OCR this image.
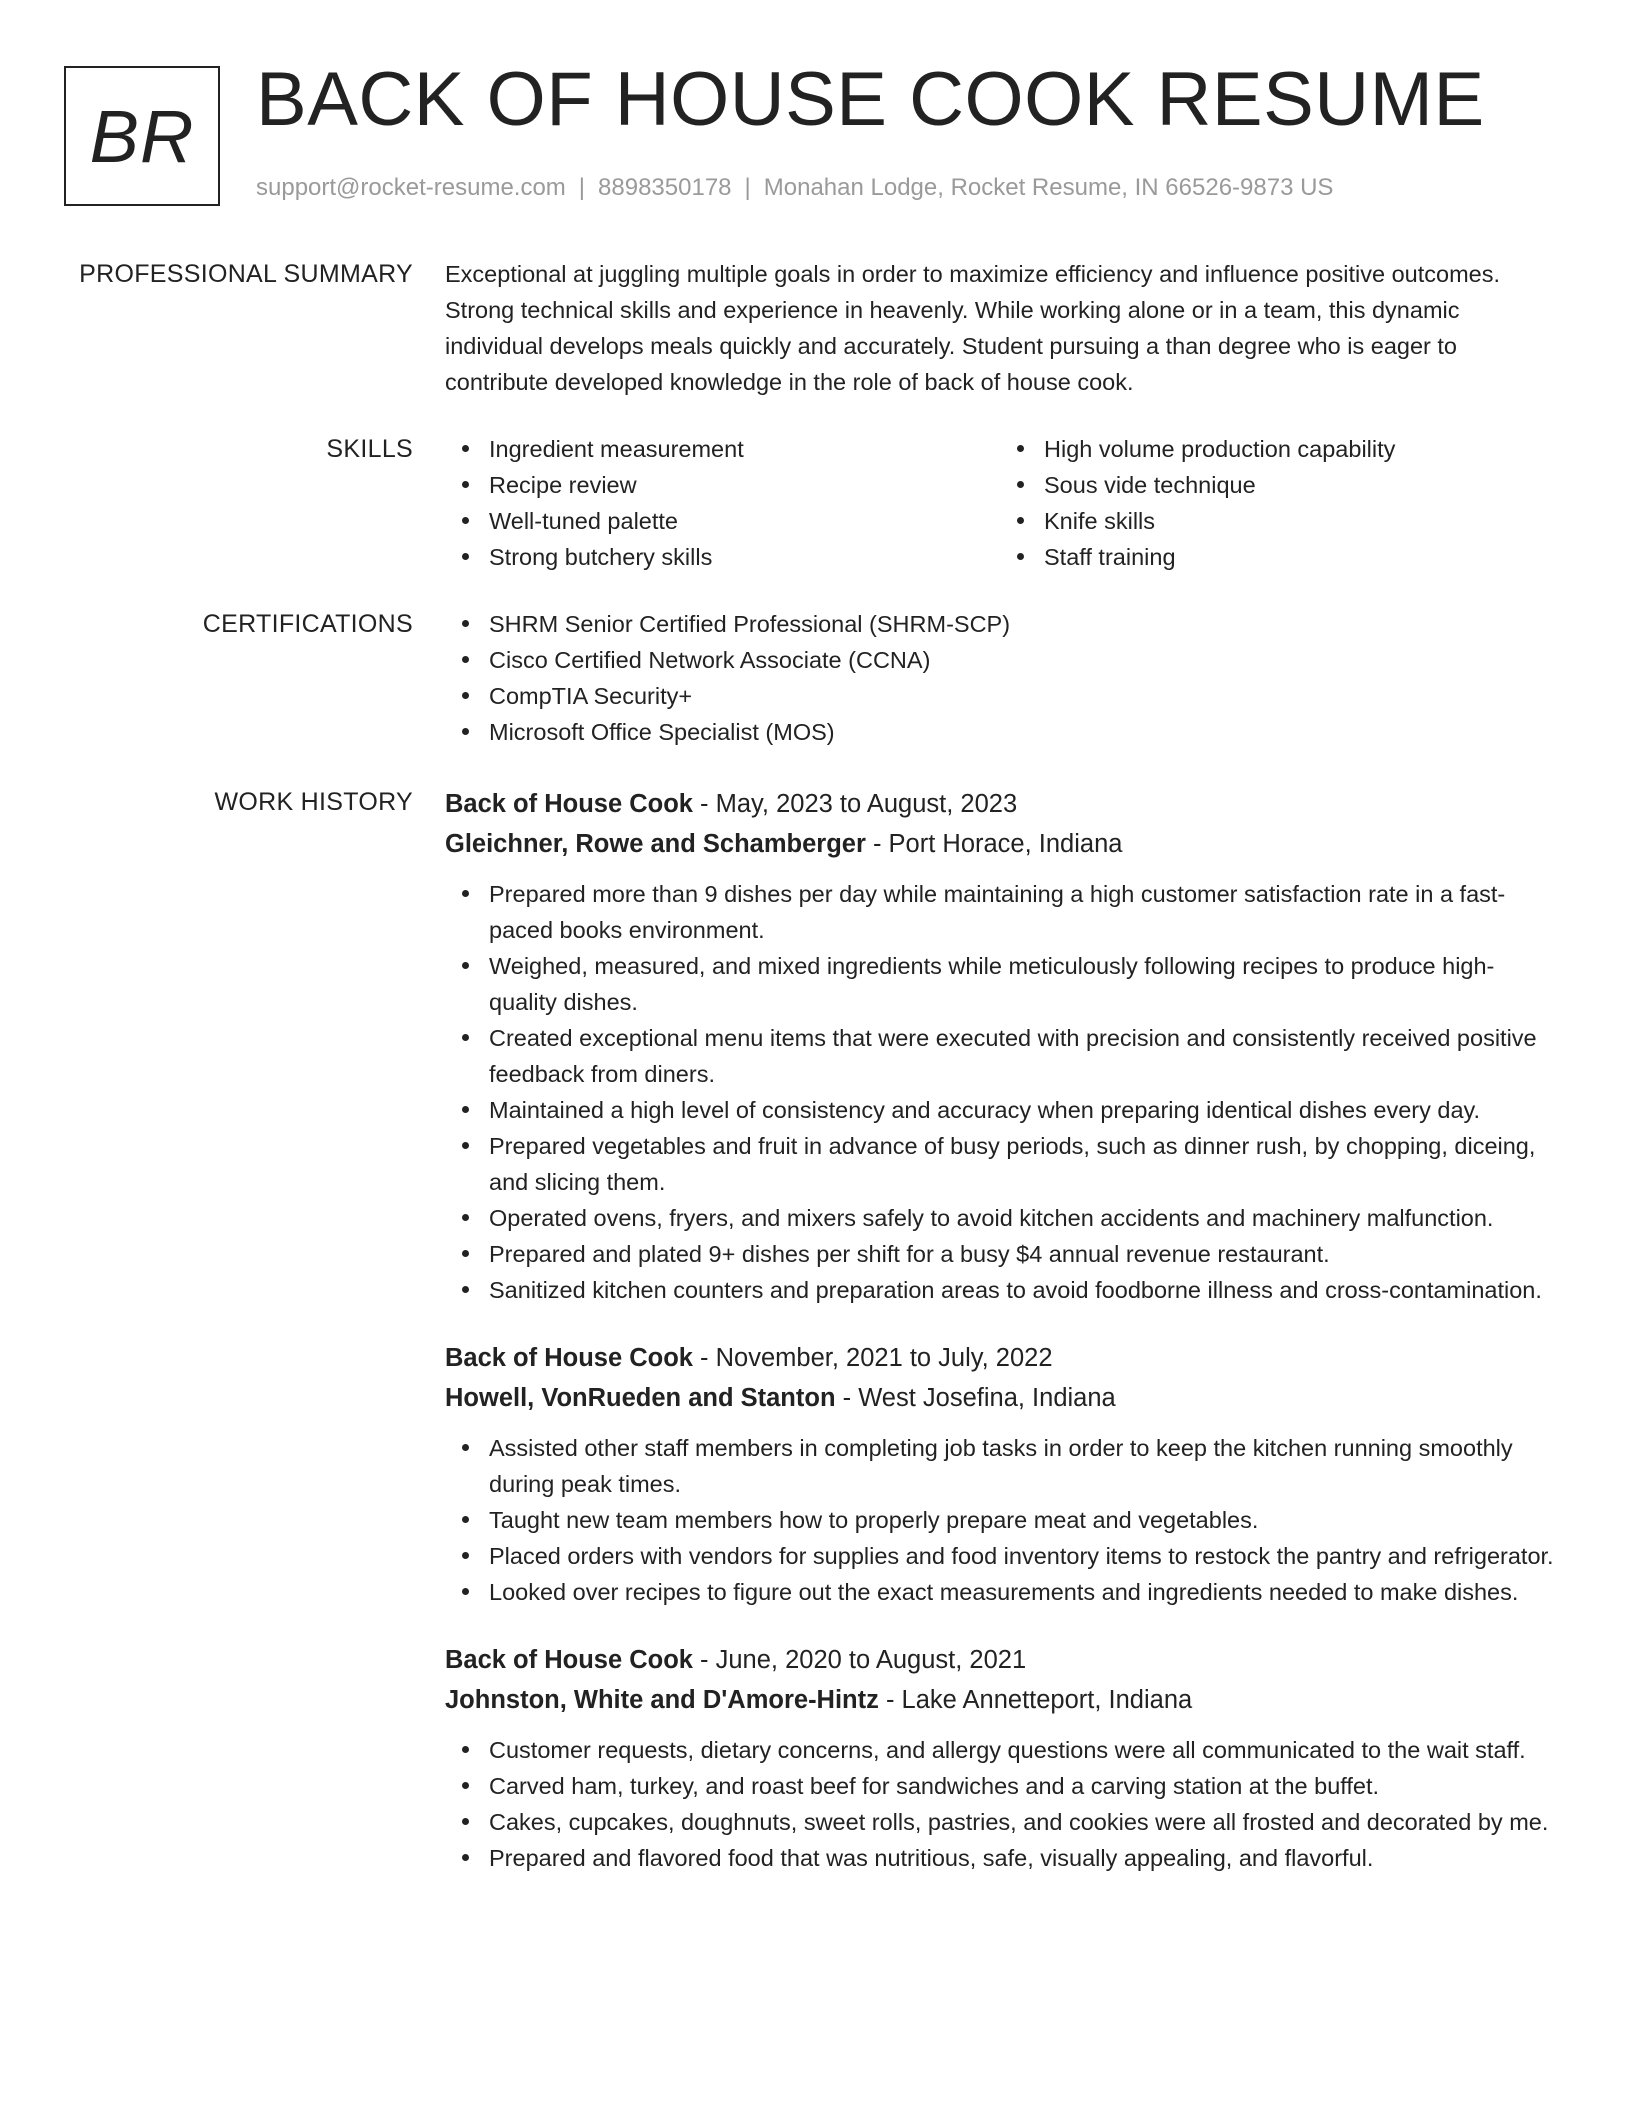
BR BACK OF HOUSE COOK RESUME
support@rocket-resume.com | 8898350178 | Monahan Lodge, Rocket Resume, IN 66526-9873 US
PROFESSIONAL SUMMARY Exceptional at juggling multiple goals in order to maximize efficiency and influence positive outcomes. Strong technical skills and experience in heavenly. While working alone or in a team, this dynamic individual develops meals quickly and accurately. Student pursuing a than degree who is eager to contribute developed knowledge in the role of back of house cook.
SKILLS	Ingredient measurement
Recipe review
Well-tuned palette
Strong butchery skills
High volume production capability
Sous vide technique
Knife skills
Staff training
CERTIFICATIONS	SHRM Senior Certified Professional (SHRM-SCP)
Cisco Certified Network Associate (CCNA)
CompTIA Security+
Microsoft Office Specialist (MOS)
WORK HISTORY Back of House Cook - May, 2023 to August, 2023
Gleichner, Rowe and Schamberger - Port Horace, Indiana
Prepared more than 9 dishes per day while maintaining a high customer satisfaction rate in a fast-paced books environment.
Weighed, measured, and mixed ingredients while meticulously following recipes to produce high-quality dishes.
Created exceptional menu items that were executed with precision and consistently received positive feedback from diners.
Maintained a high level of consistency and accuracy when preparing identical dishes every day.
Prepared vegetables and fruit in advance of busy periods, such as dinner rush, by chopping, diceing, and slicing them.
Operated ovens, fryers, and mixers safely to avoid kitchen accidents and machinery malfunction.
Prepared and plated 9+ dishes per shift for a busy $4 annual revenue restaurant.
Sanitized kitchen counters and preparation areas to avoid foodborne illness and cross-contamination.
Back of House Cook - November, 2021 to July, 2022
Howell, VonRueden and Stanton - West Josefina, Indiana
Assisted other staff members in completing job tasks in order to keep the kitchen running smoothly during peak times.
Taught new team members how to properly prepare meat and vegetables.
Placed orders with vendors for supplies and food inventory items to restock the pantry and refrigerator.
Looked over recipes to figure out the exact measurements and ingredients needed to make dishes.
Back of House Cook - June, 2020 to August, 2021
Johnston, White and D'Amore-Hintz - Lake Annetteport, Indiana
Customer requests, dietary concerns, and allergy questions were all communicated to the wait staff.
Carved ham, turkey, and roast beef for sandwiches and a carving station at the buffet.
Cakes, cupcakes, doughnuts, sweet rolls, pastries, and cookies were all frosted and decorated by me.
Prepared and flavored food that was nutritious, safe, visually appealing, and flavorful.
